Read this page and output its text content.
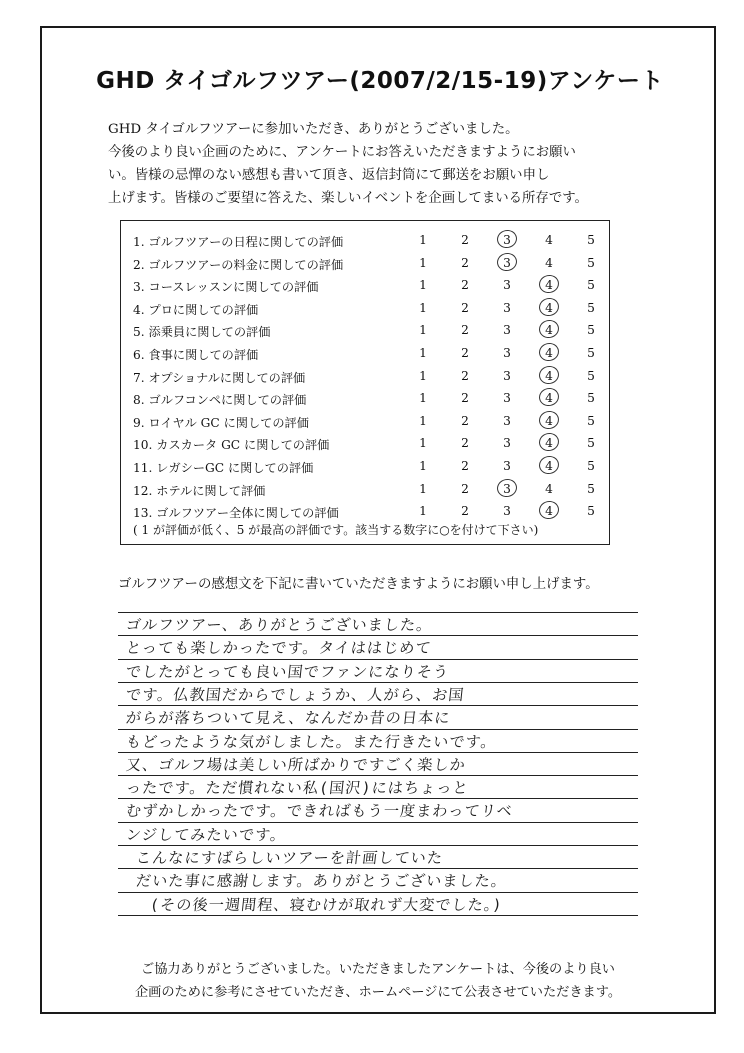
GHD タイゴルフツアー(2007/2/15-19)アンケート

GHD タイゴルフツアーに参加いただき、ありがとうございました。

今後のより良い企画のために、アンケートにお答えいただきますようにお願い

い。皆様の忌憚のない感想も書いて頂き、返信封筒にて郵送をお願い申し

上げます。皆様のご要望に答えた、楽しいイベントを企画してまいる所存です。

( 1 が評価が低く、5 が最高の評価です。該当する数字に○を付けて下さい)
1. ゴルフツアーの日程に関しての評価	1	2	3	4	5
2. ゴルフツアーの料金に関しての評価	1	2	3	4	5
3. コースレッスンに関しての評価	1	2	3	4	5
4. プロに関しての評価	1	2	3	4	5
5. 添乗員に関しての評価	1	2	3	4	5
6. 食事に関しての評価	1	2	3	4	5
7. オプショナルに関しての評価	1	2	3	4	5
8. ゴルフコンペに関しての評価	1	2	3	4	5
9. ロイヤル GC に関しての評価	1	2	3	4	5
10. カスカータ GC に関しての評価	1	2	3	4	5
11. レガシーGC に関しての評価	1	2	3	4	5
12. ホテルに関して評価	1	2	3	4	5
13. ゴルフツアー全体に関しての評価	1	2	3	4	5
ゴルフツアーの感想文を下記に書いていただきますようにお願い申し上げます。
ゴルフツアー、ありがとうございました。
とっても楽しかったです。タイははじめて
でしたがとっても良い国でファンになりそう
です。仏教国だからでしょうか、人がら、お国
がらが落ちついて見え、なんだか昔の日本に
もどったような気がしました。また行きたいです。
又、ゴルフ場は美しい所ばかりですごく楽しか
ったです。ただ慣れない私(国沢)にはちょっと
むずかしかったです。できればもう一度まわってリベ
ンジしてみたいです。
こんなにすばらしいツアーを計画していた
だいた事に感謝します。ありがとうございました。
(その後一週間程、寝むけが取れず大変でした。)

ご協力ありがとうございました。いただきましたアンケートは、今後のより良い

企画のために参考にさせていただき、ホームページにて公表させていただきます。
